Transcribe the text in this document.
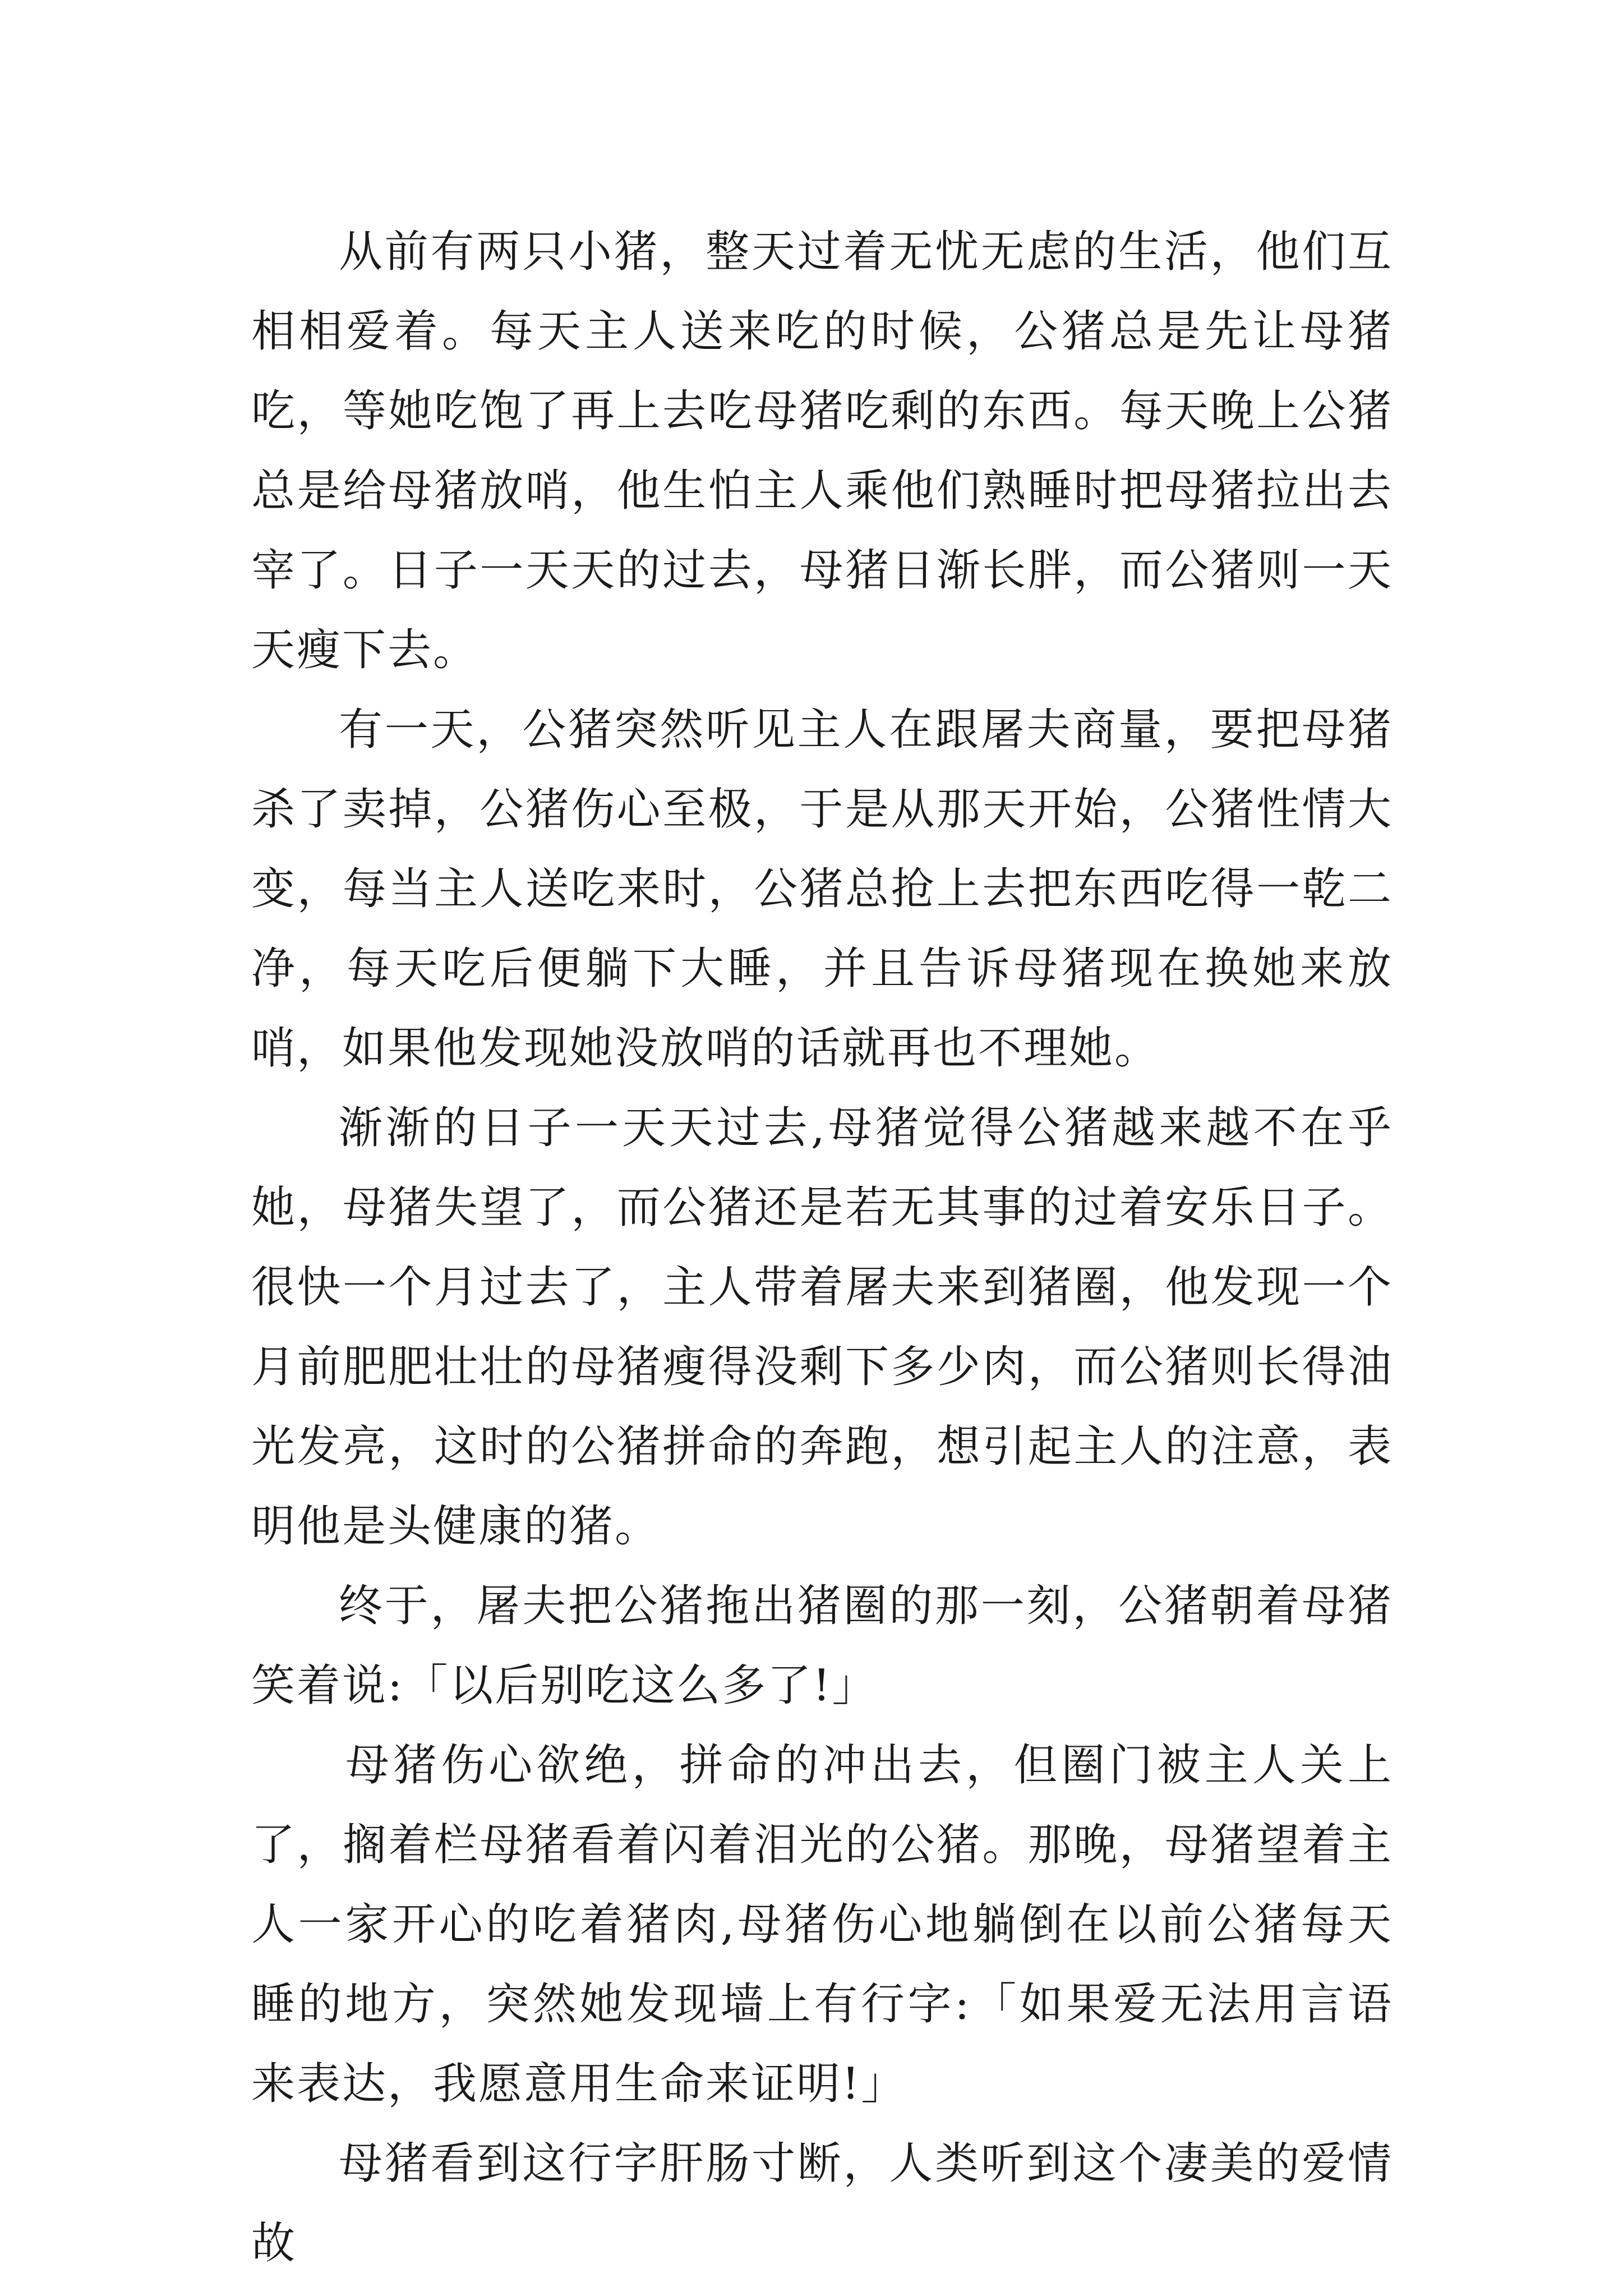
从前有两只小猪，整天过着无忧无虑的生活，他们互相相爱着。每天主人送来吃的时候，公猪总是先让母猪吃，等她吃饱了再上去吃母猪吃剩的东西。每天晚上公猪总是给母猪放哨，他生怕主人乘他们熟睡时把母猪拉出去宰了。日子一天天的过去，母猪日渐长胖，而公猪则一天天瘦下去。

有一天，公猪突然听见主人在跟屠夫商量，要把母猪杀了卖掉，公猪伤心至极，于是从那天开始，公猪性情大变，每当主人送吃来时，公猪总抢上去把东西吃得一乾二净，每天吃后便躺下大睡，并且告诉母猪现在换她来放哨，如果他发现她没放哨的话就再也不理她。

渐渐的日子一天天过去,母猪觉得公猪越来越不在乎她，母猪失望了，而公猪还是若无其事的过着安乐日子。很快一个月过去了，主人带着屠夫来到猪圈，他发现一个月前肥肥壮壮的母猪瘦得没剩下多少肉，而公猪则长得油光发亮，这时的公猪拼命的奔跑，想引起主人的注意，表明他是头健康的猪。

终于，屠夫把公猪拖出猪圈的那一刻，公猪朝着母猪笑着说:「以后别吃这么多了!」

母猪伤心欲绝，拼命的冲出去，但圈门被主人关上了，搁着栏母猪看着闪着泪光的公猪。那晚，母猪望着主人一家开心的吃着猪肉,母猪伤心地躺倒在以前公猪每天睡的地方，突然她发现墙上有行字:「如果爱无法用言语来表达，我愿意用生命来证明!」

母猪看到这行字肝肠寸断，人类听到这个凄美的爱情故
